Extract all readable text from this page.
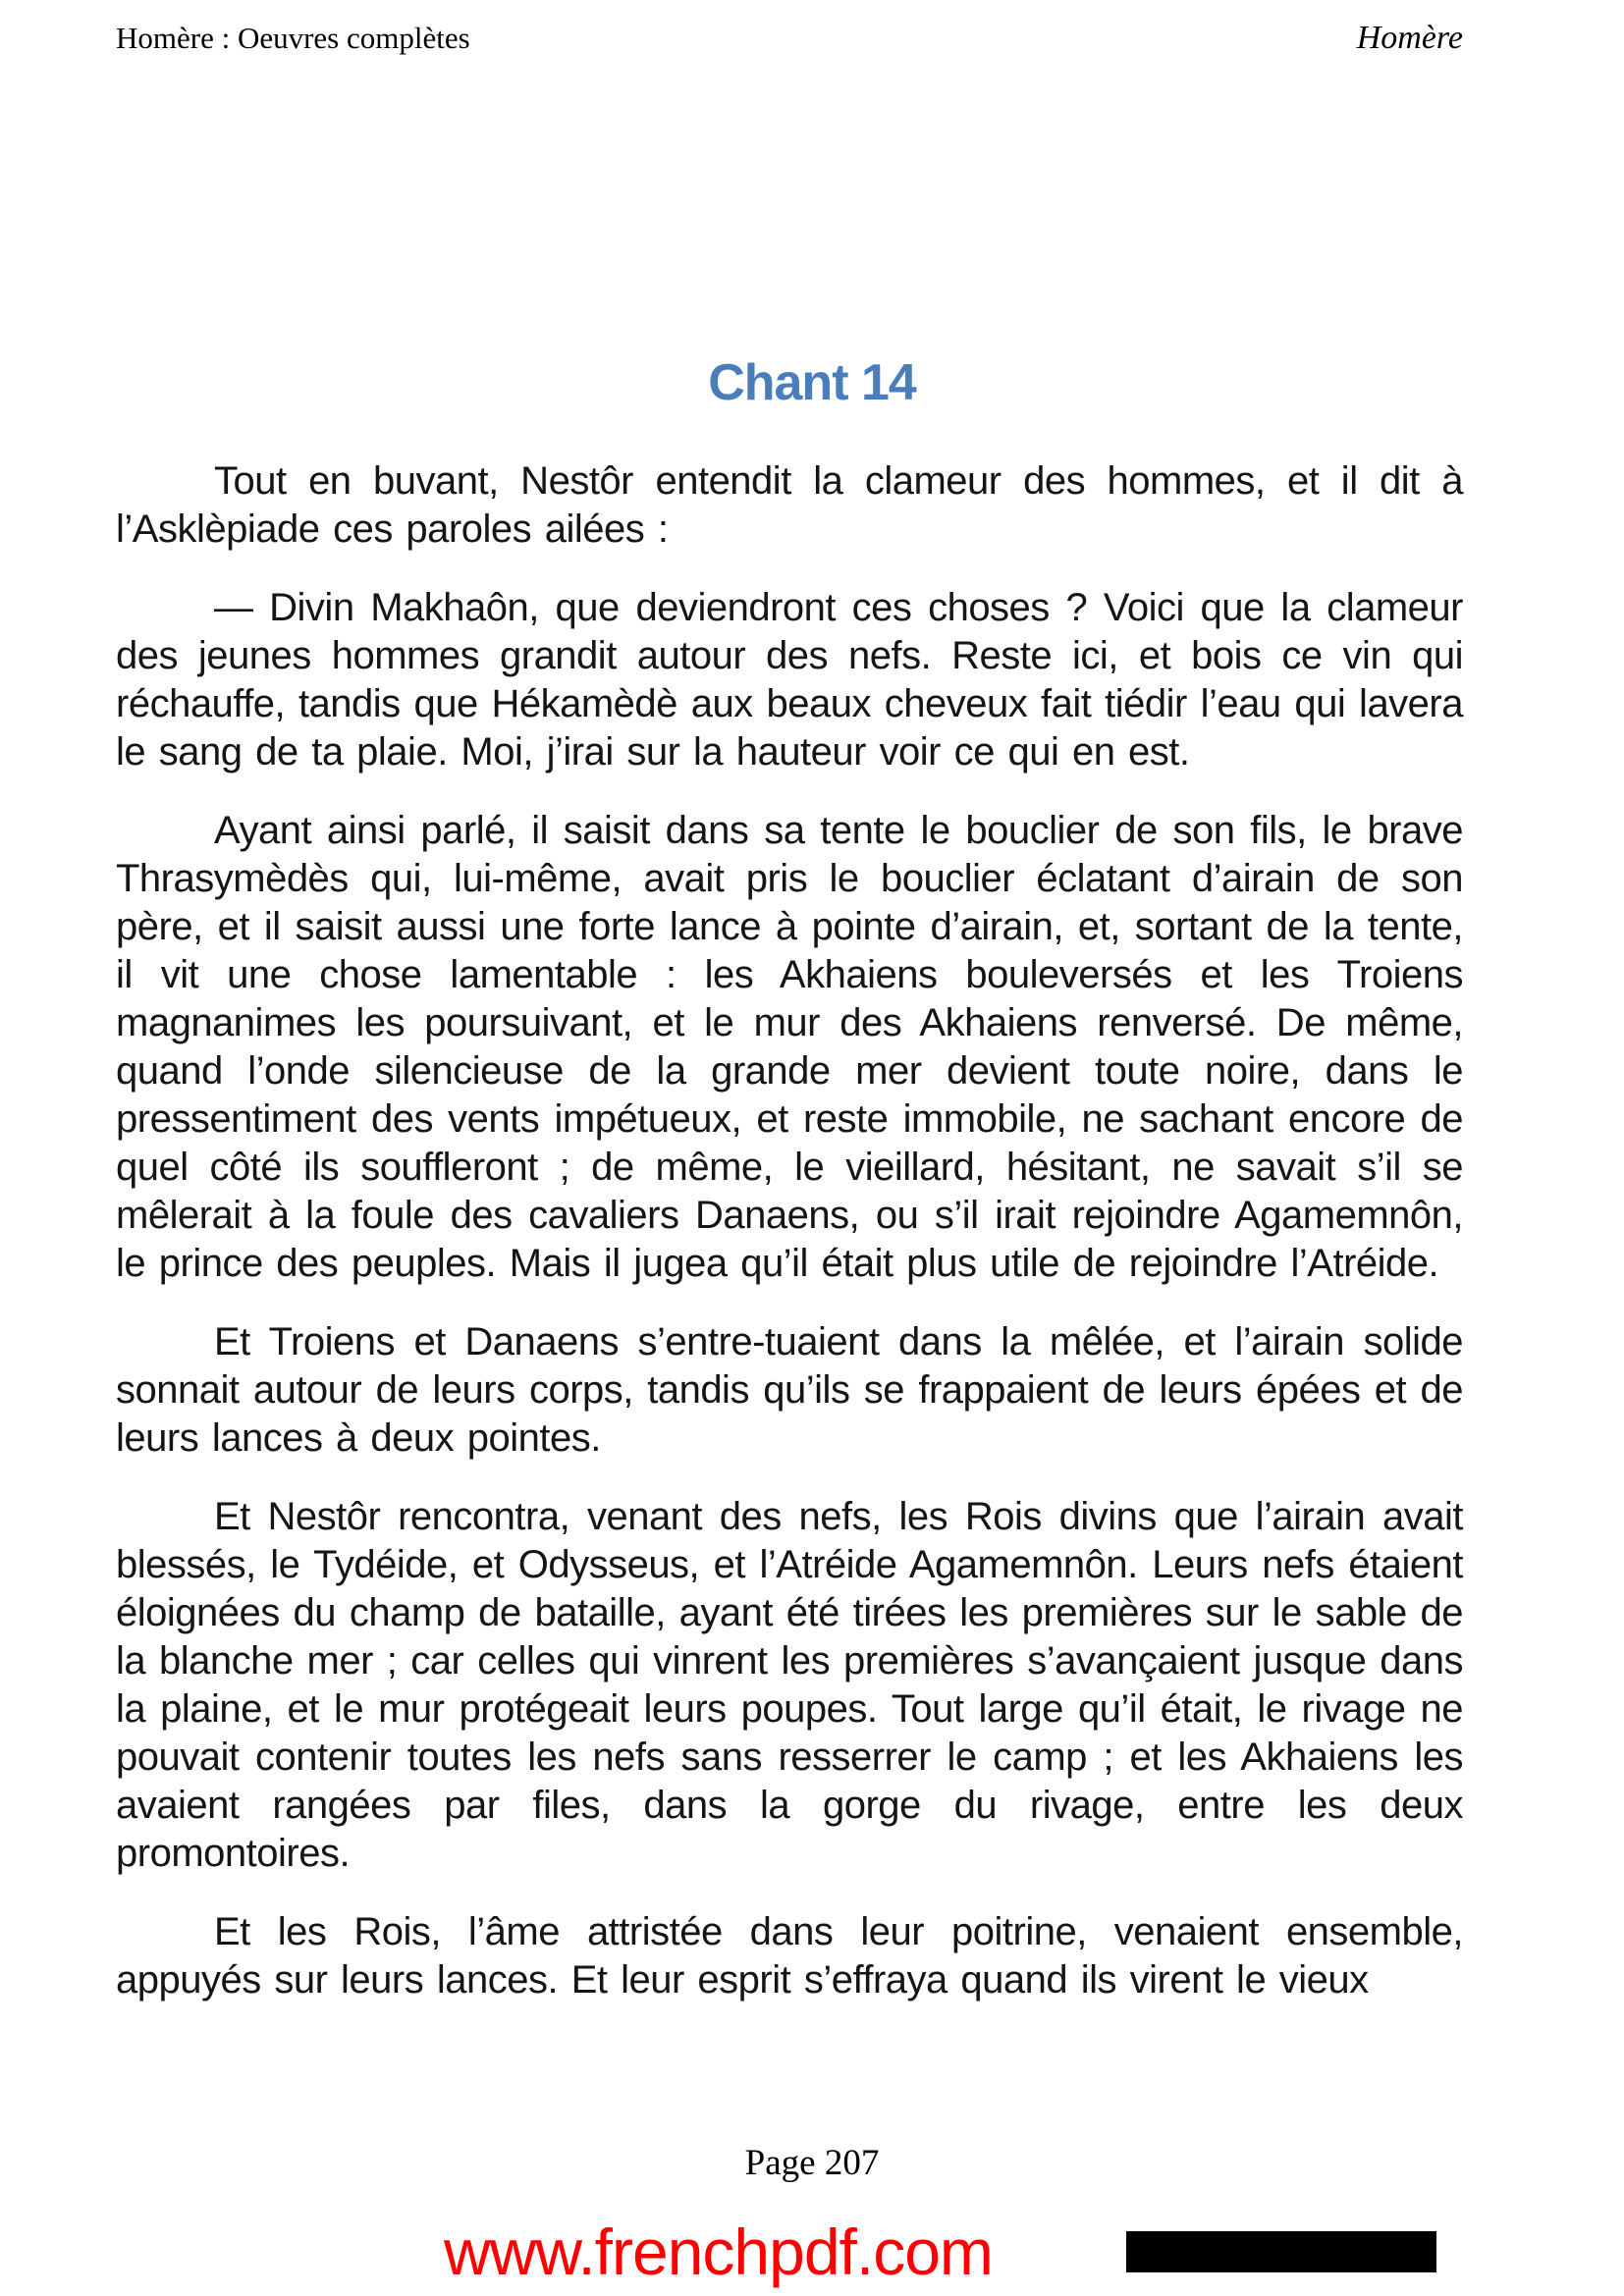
Homère : Oeuvres complètes	Homère
Chant 14

Tout en buvant, Nestôr entendit la clameur des hommes, et il dit à l’Asklèpiade ces paroles ailées :

— Divin Makhaôn, que deviendront ces choses ? Voici que la clameur des jeunes hommes grandit autour des nefs. Reste ici, et bois ce vin qui réchauffe, tandis que Hékamèdè aux beaux cheveux fait tiédir l’eau qui lavera le sang de ta plaie. Moi, j’irai sur la hauteur voir ce qui en est.

Ayant ainsi parlé, il saisit dans sa tente le bouclier de son fils, le brave Thrasymèdès qui, lui-même, avait pris le bouclier éclatant d’airain de son père, et il saisit aussi une forte lance à pointe d’airain, et, sortant de la tente, il vit une chose lamentable : les Akhaiens bouleversés et les Troiens magnanimes les poursuivant, et le mur des Akhaiens renversé. De même, quand l’onde silencieuse de la grande mer devient toute noire, dans le pressentiment des vents impétueux, et reste immobile, ne sachant encore de quel côté ils souffleront ; de même, le vieillard, hésitant, ne savait s’il se mêlerait à la foule des cavaliers Danaens, ou s’il irait rejoindre Agamemnôn, le prince des peuples. Mais il jugea qu’il était plus utile de rejoindre l’Atréide.

Et Troiens et Danaens s’entre-tuaient dans la mêlée, et l’airain solide sonnait autour de leurs corps, tandis qu’ils se frappaient de leurs épées et de leurs lances à deux pointes.

Et Nestôr rencontra, venant des nefs, les Rois divins que l’airain avait blessés, le Tydéide, et Odysseus, et l’Atréide Agamemnôn. Leurs nefs étaient éloignées du champ de bataille, ayant été tirées les premières sur le sable de la blanche mer ; car celles qui vinrent les premières s’avançaient jusque dans la plaine, et le mur protégeait leurs poupes. Tout large qu’il était, le rivage ne pouvait contenir toutes les nefs sans resserrer le camp ; et les Akhaiens les avaient rangées par files, dans la gorge du rivage, entre les deux promontoires.

Et les Rois, l’âme attristée dans leur poitrine, venaient ensemble, appuyés sur leurs lances. Et leur esprit s’effraya quand ils virent le vieux

Page 207
www.frenchpdf.com
